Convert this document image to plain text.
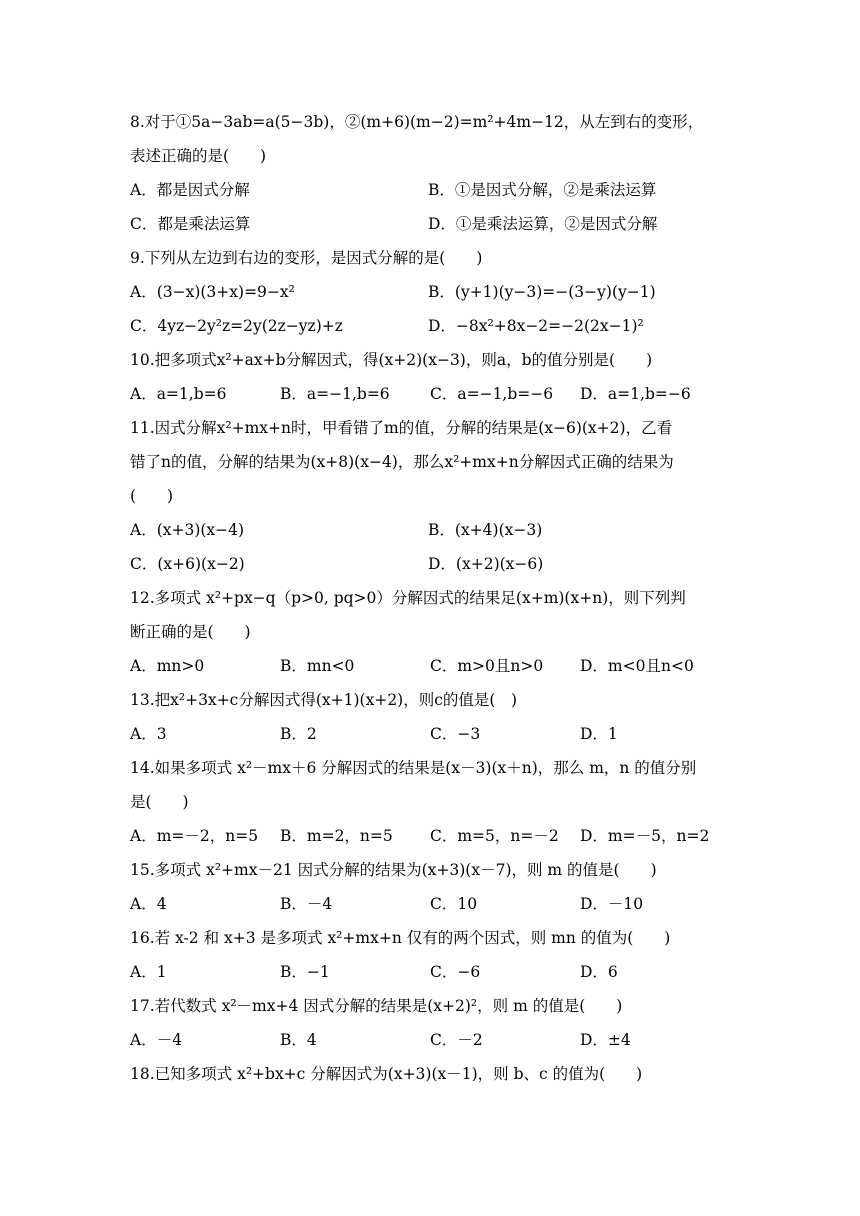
8.对于①5a−3ab=a(5−3b)，②(m+6)(m−2)=m²+4m−12，从左到右的变形，
表述正确的是(　　)
A．都是因式分解	B．①是因式分解，②是乘法运算
C．都是乘法运算	D．①是乘法运算，②是因式分解
9.下列从左边到右边的变形，是因式分解的是(　　)
A．(3−x)(3+x)=9−x²	B．(y+1)(y−3)=−(3−y)(y−1)
C．4yz−2y²z=2y(2z−yz)+z	D．−8x²+8x−2=−2(2x−1)²
10.把多项式x²+ax+b分解因式，得(x+2)(x−3)，则a，b的值分别是(　　)
A．a=1,b=6	B．a=−1,b=6	C．a=−1,b=−6	D．a=1,b=−6
11.因式分解x²+mx+n时，甲看错了m的值，分解的结果是(x−6)(x+2)，乙看
错了n的值，分解的结果为(x+8)(x−4)，那么x²+mx+n分解因式正确的结果为
(　　)
A．(x+3)(x−4)	B．(x+4)(x−3)
C．(x+6)(x−2)	D．(x+2)(x−6)
12.多项式 x²+px−q（p>0, pq>0）分解因式的结果足(x+m)(x+n)，则下列判
断正确的是(　　)
A．mn>0	B．mn<0	C．m>0且n>0	D．m<0且n<0
13.把x²+3x+c分解因式得(x+1)(x+2)，则c的值是(　)
A．3	B．2	C．−3	D．1
14.如果多项式 x²－mx＋6 分解因式的结果是(x－3)(x＋n)，那么 m，n 的值分别
是(　　)
A．m=－2，n=5	B．m=2，n=5	C．m=5，n=－2	D．m=－5，n=2
15.多项式 x²+mx－21 因式分解的结果为(x+3)(x－7)，则 m 的值是(　　)
A．4	B．－4	C．10	D．－10
16.若 x-2 和 x+3 是多项式 x²+mx+n 仅有的两个因式，则 mn 的值为(　　)
A．1	B．−1	C．−6	D．6
17.若代数式 x²－mx+4 因式分解的结果是(x+2)²，则 m 的值是(　　)
A．－4	B．4	C．－2	D．±4
18.已知多项式 x²+bx+c 分解因式为(x+3)(x－1)，则 b、c 的值为(　　)
